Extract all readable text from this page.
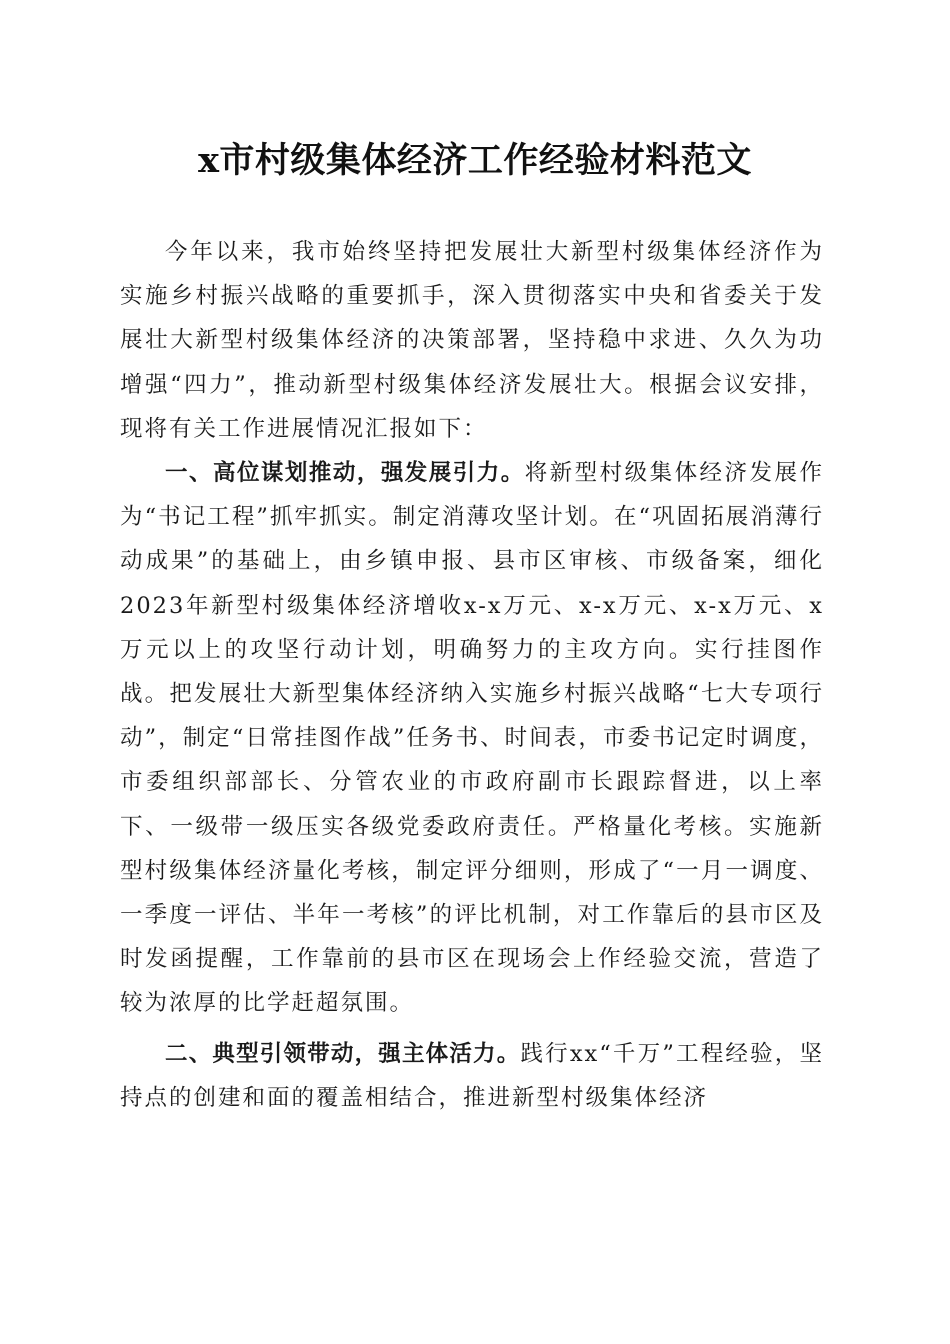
x市村级集体经济工作经验材料范文

今年以来，我市始终坚持把发展壮大新型村级集体经济作为实施乡村振兴战略的重要抓手，深入贯彻落实中央和省委关于发展壮大新型村级集体经济的决策部署，坚持稳中求进、久久为功增强“四力”，推动新型村级集体经济发展壮大。根据会议安排，现将有关工作进展情况汇报如下：

一、高位谋划推动，强发展引力。将新型村级集体经济发展作为“书记工程”抓牢抓实。制定消薄攻坚计划。在“巩固拓展消薄行动成果”的基础上，由乡镇申报、县市区审核、市级备案，细化2023年新型村级集体经济增收x-x万元、x-x万元、x-x万元、x万元以上的攻坚行动计划，明确努力的主攻方向。实行挂图作战。把发展壮大新型集体经济纳入实施乡村振兴战略“七大专项行动”，制定“日常挂图作战”任务书、时间表，市委书记定时调度，市委组织部部长、分管农业的市政府副市长跟踪督进，以上率下、一级带一级压实各级党委政府责任。严格量化考核。实施新型村级集体经济量化考核，制定评分细则，形成了“一月一调度、一季度一评估、半年一考核”的评比机制，对工作靠后的县市区及时发函提醒，工作靠前的县市区在现场会上作经验交流，营造了较为浓厚的比学赶超氛围。

二、典型引领带动，强主体活力。践行xx“千万”工程经验，坚持点的创建和面的覆盖相结合，推进新型村级集体经济
